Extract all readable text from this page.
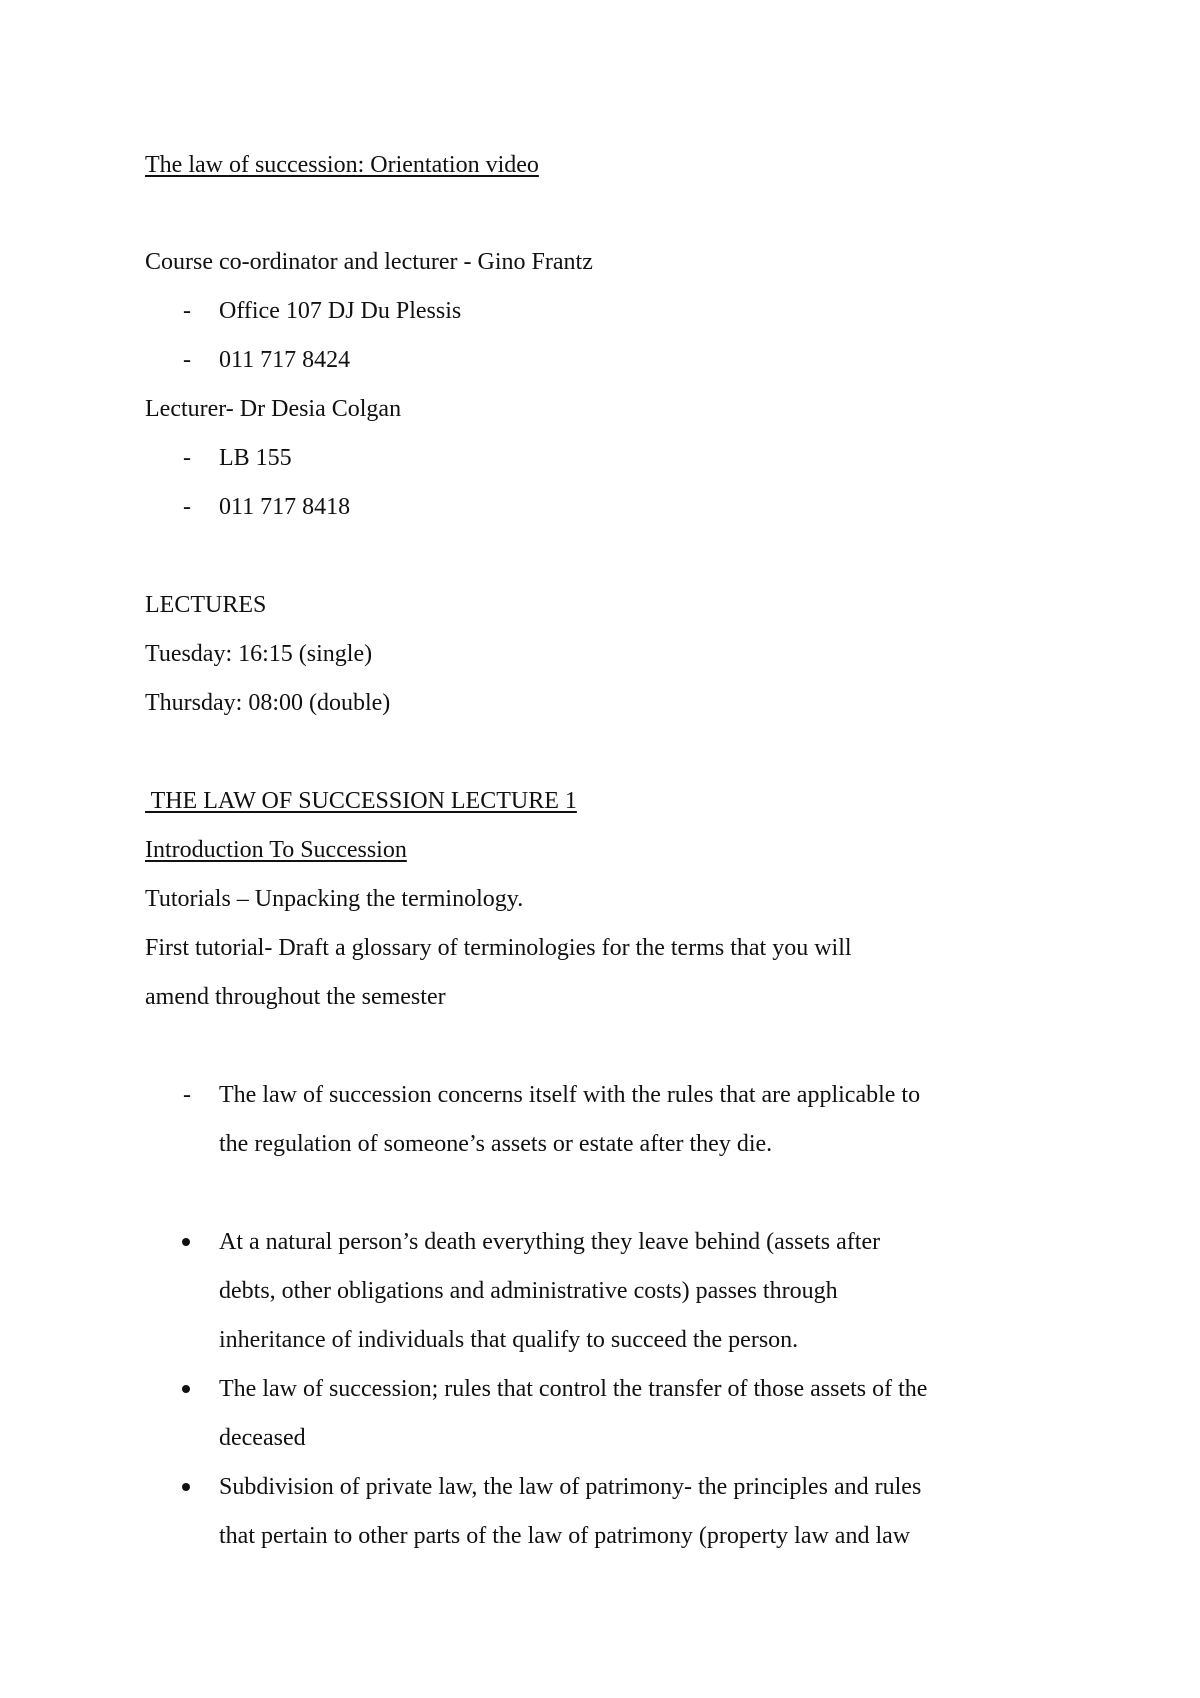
The law of succession: Orientation video
Course co-ordinator and lecturer - Gino Frantz
- Office 107 DJ Du Plessis
- 011 717 8424
Lecturer- Dr Desia Colgan
- LB 155
- 011 717 8418
LECTURES
Tuesday: 16:15 (single)
Thursday: 08:00 (double)
THE LAW OF SUCCESSION LECTURE 1
Introduction To Succession
Tutorials – Unpacking the terminology.
First tutorial- Draft a glossary of terminologies for the terms that you will
amend throughout the semester
- The law of succession concerns itself with the rules that are applicable to
the regulation of someone’s assets or estate after they die.
At a natural person’s death everything they leave behind (assets after
debts, other obligations and administrative costs) passes through
inheritance of individuals that qualify to succeed the person.
The law of succession; rules that control the transfer of those assets of the
deceased
Subdivision of private law, the law of patrimony- the principles and rules
that pertain to other parts of the law of patrimony (property law and law
